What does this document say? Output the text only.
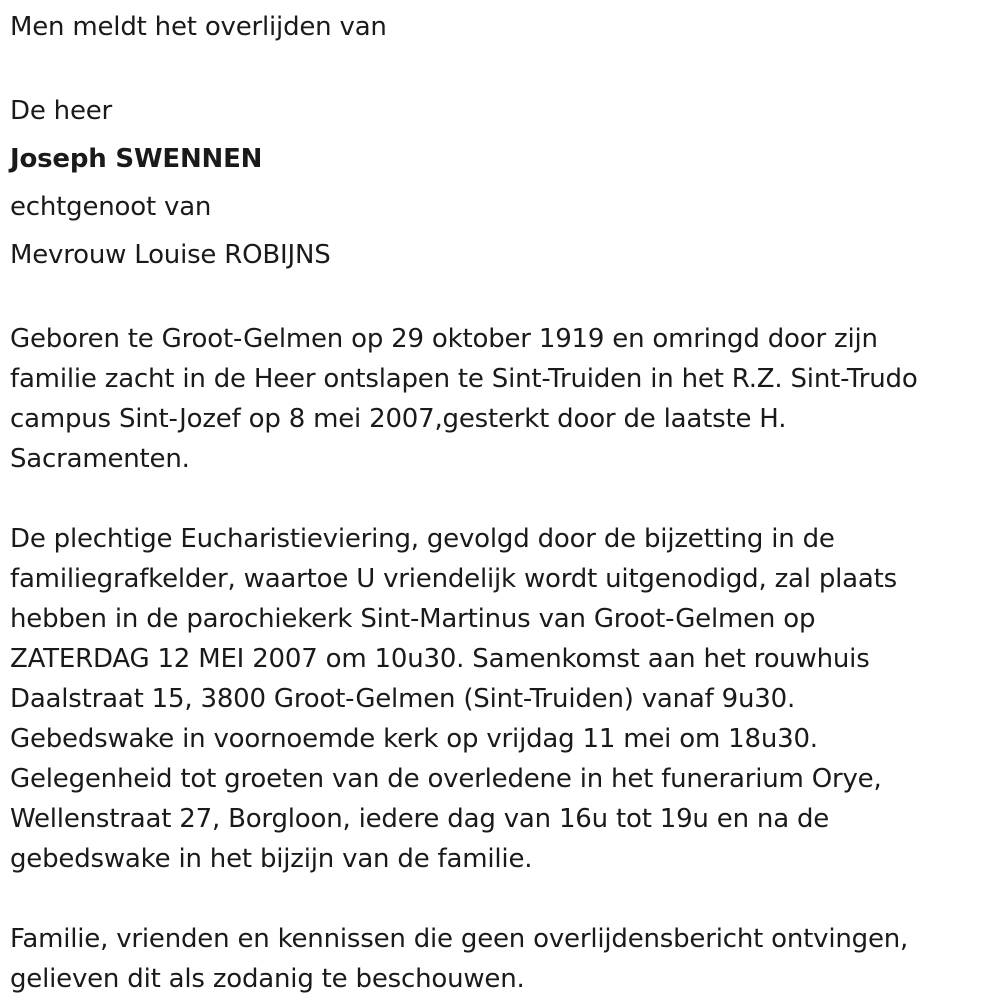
Men meldt het overlijden van
De heer
Joseph SWENNEN
echtgenoot van
Mevrouw Louise ROBIJNS
Geboren te Groot-Gelmen op 29 oktober 1919 en omringd door zijn
familie zacht in de Heer ontslapen te Sint-Truiden in het R.Z. Sint-Trudo
campus Sint-Jozef op 8 mei 2007,gesterkt door de laatste H.
Sacramenten.
De plechtige Eucharistieviering, gevolgd door de bijzetting in de
familiegrafkelder, waartoe U vriendelijk wordt uitgenodigd, zal plaats
hebben in de parochiekerk Sint-Martinus van Groot-Gelmen op
ZATERDAG 12 MEI 2007 om 10u30. Samenkomst aan het rouwhuis
Daalstraat 15, 3800 Groot-Gelmen (Sint-Truiden) vanaf 9u30.
Gebedswake in voornoemde kerk op vrijdag 11 mei om 18u30.
Gelegenheid tot groeten van de overledene in het funerarium Orye,
Wellenstraat 27, Borgloon, iedere dag van 16u tot 19u en na de
gebedswake in het bijzijn van de familie.
Familie, vrienden en kennissen die geen overlijdensbericht ontvingen,
gelieven dit als zodanig te beschouwen.
